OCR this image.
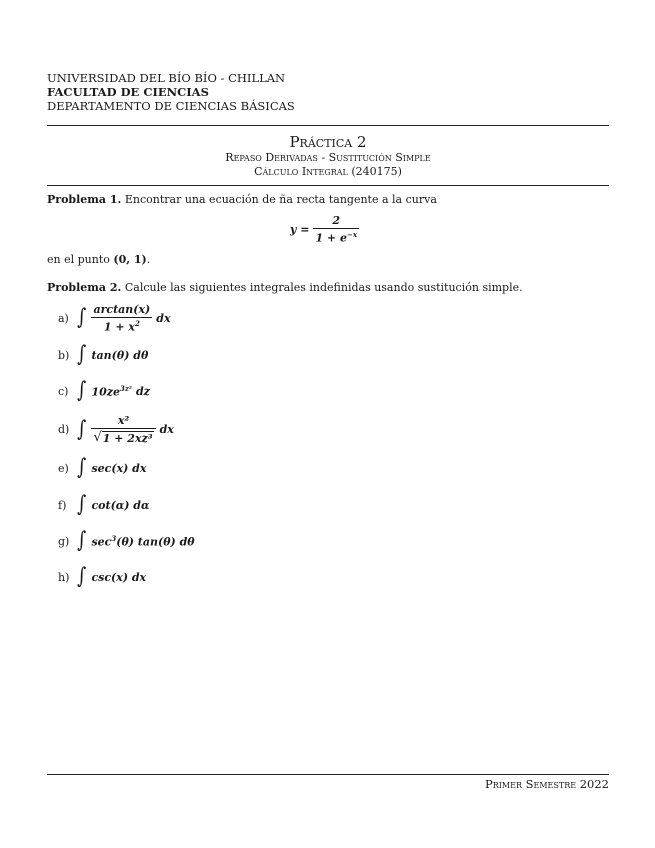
UNIVERSIDAD DEL BÍO BÍO - CHILLAN
FACULTAD DE CIENCIAS
DEPARTAMENTO DE CIENCIAS BÁSICAS
Práctica 2
Repaso Derivadas - Sustitución Simple
Cálculo Integral (240175)
Problema 1. Encontrar una ecuación de ña recta tangente a la curva
$y = \frac{2}{1 + e^{-x}}$
en el punto (0, 1).
Problema 2. Calcule las siguientes integrales indefinidas usando sustitución simple.
a) ∫ $\frac{\arctan(x)}{1 + x^2}$ dx
b) ∫ tan(θ) dθ
c) ∫ $10ze^{3z^2}$ dz
d) ∫ $\frac{\text{x²}}{\text{√ 1 + 2xz³}}$ dx
e) ∫ sec(x) dx
f) ∫ cot(α) dα
g) ∫ $\sec^3(\theta)$ tan(θ) dθ
h) ∫ csc(x) dx
Primer Semestre 2022
